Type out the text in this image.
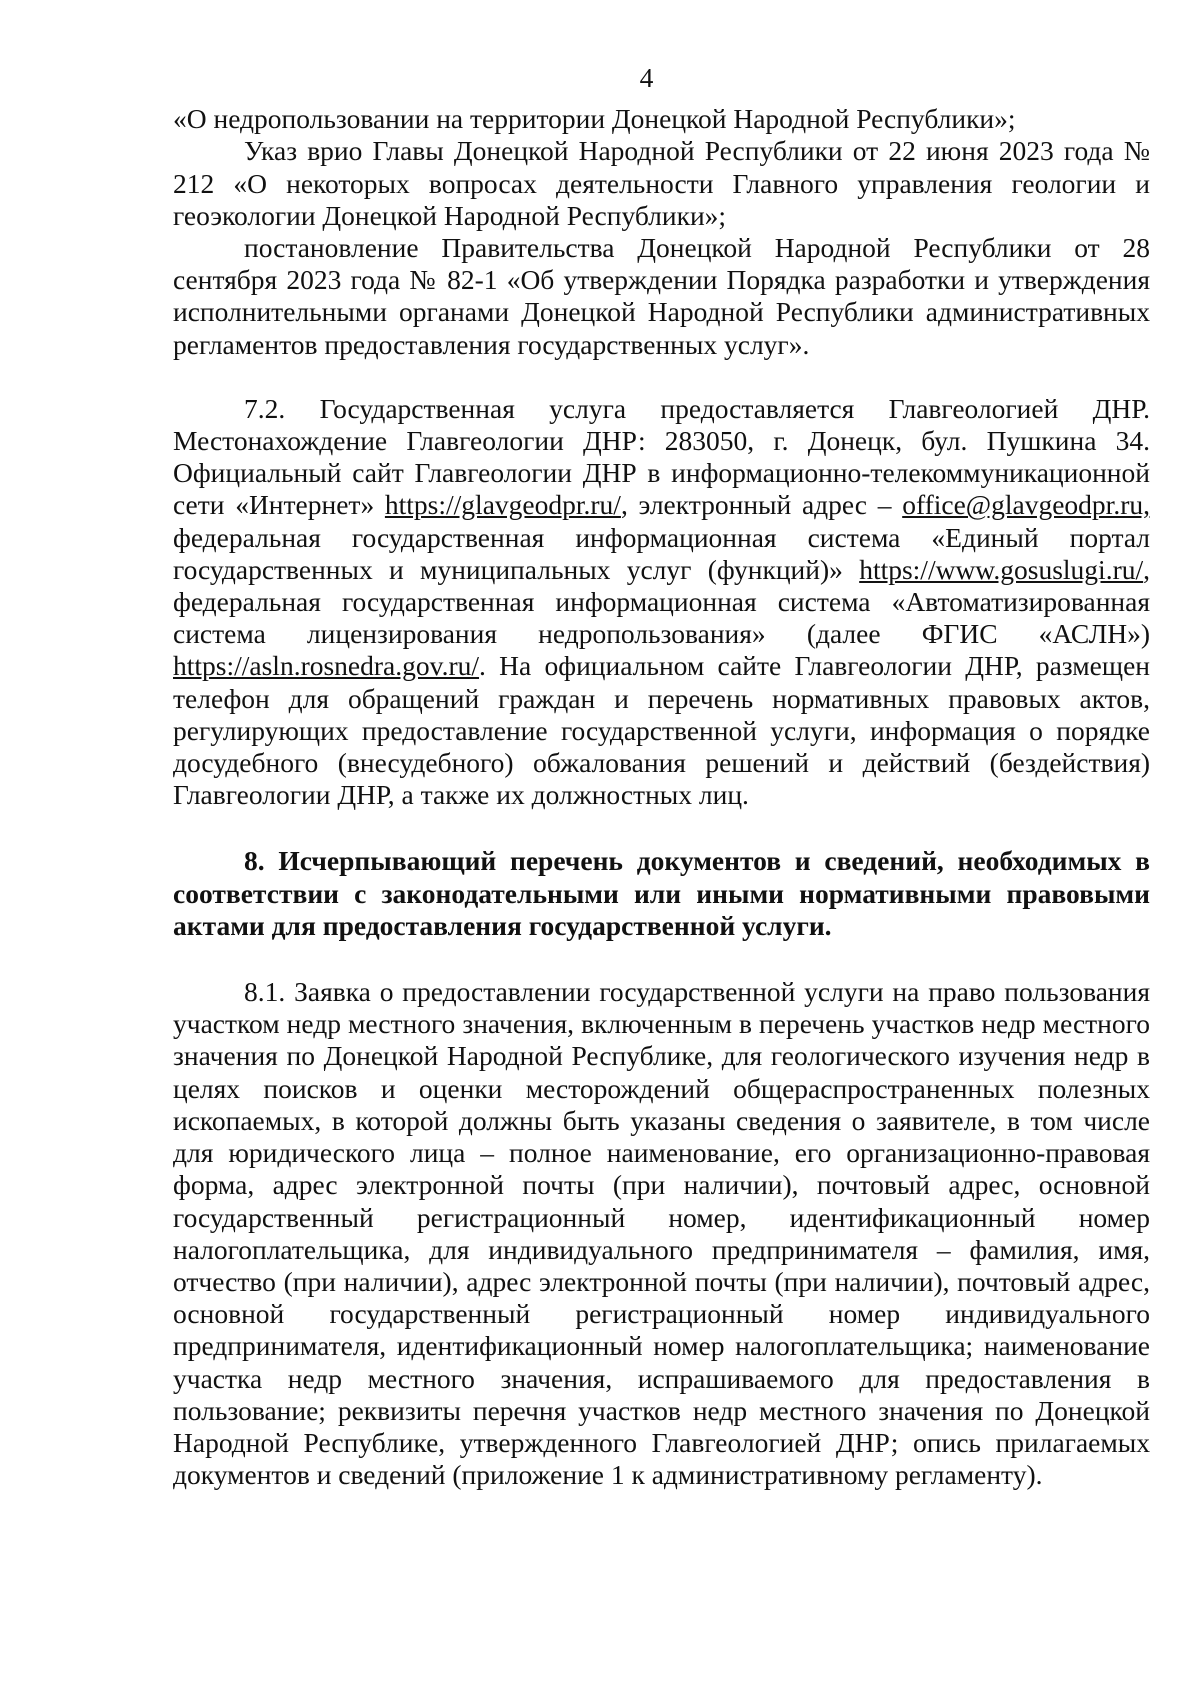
4

«О недропользовании на территории Донецкой Народной Республики»;

Указ врио Главы Донецкой Народной Республики от 22 июня 2023 года № 212 «О некоторых вопросах деятельности Главного управления геологии и геоэкологии Донецкой Народной Республики»;

постановление Правительства Донецкой Народной Республики от 28 сентября 2023 года № 82-1 «Об утверждении Порядка разработки и утверждения исполнительными органами Донецкой Народной Республики административных регламентов предоставления государственных услуг».

7.2. Государственная услуга предоставляется Главгеологией ДНР. Местонахождение Главгеологии ДНР: 283050, г. Донецк, бул. Пушкина 34. Официальный сайт Главгеологии ДНР в информационно-телекоммуникационной сети «Интернет» https://glavgeodpr.ru/, электронный адрес – office@glavgeodpr.ru, федеральная государственная информационная система «Единый портал государственных и муниципальных услуг (функций)» https://www.gosuslugi.ru/, федеральная государственная информационная система «Автоматизированная система лицензирования недропользования» (далее ФГИС «АСЛН») https://asln.rosnedra.gov.ru/. На официальном сайте Главгеологии ДНР, размещен телефон для обращений граждан и перечень нормативных правовых актов, регулирующих предоставление государственной услуги, информация о порядке досудебного (внесудебного) обжалования решений и действий (бездействия) Главгеологии ДНР, а также их должностных лиц.

8. Исчерпывающий перечень документов и сведений, необходимых в соответствии с законодательными или иными нормативными правовыми актами для предоставления государственной услуги.

8.1. Заявка о предоставлении государственной услуги на право пользования участком недр местного значения, включенным в перечень участков недр местного значения по Донецкой Народной Республике, для геологического изучения недр в целях поисков и оценки месторождений общераспространенных полезных ископаемых, в которой должны быть указаны сведения о заявителе, в том числе для юридического лица – полное наименование, его организационно-правовая форма, адрес электронной почты (при наличии), почтовый адрес, основной государственный регистрационный номер, идентификационный номер налогоплательщика, для индивидуального предпринимателя – фамилия, имя, отчество (при наличии), адрес электронной почты (при наличии), почтовый адрес, основной государственный регистрационный номер индивидуального предпринимателя, идентификационный номер налогоплательщика; наименование участка недр местного значения, испрашиваемого для предоставления в пользование; реквизиты перечня участков недр местного значения по Донецкой Народной Республике, утвержденного Главгеологией ДНР; опись прилагаемых документов и сведений (приложение 1 к административному регламенту).
